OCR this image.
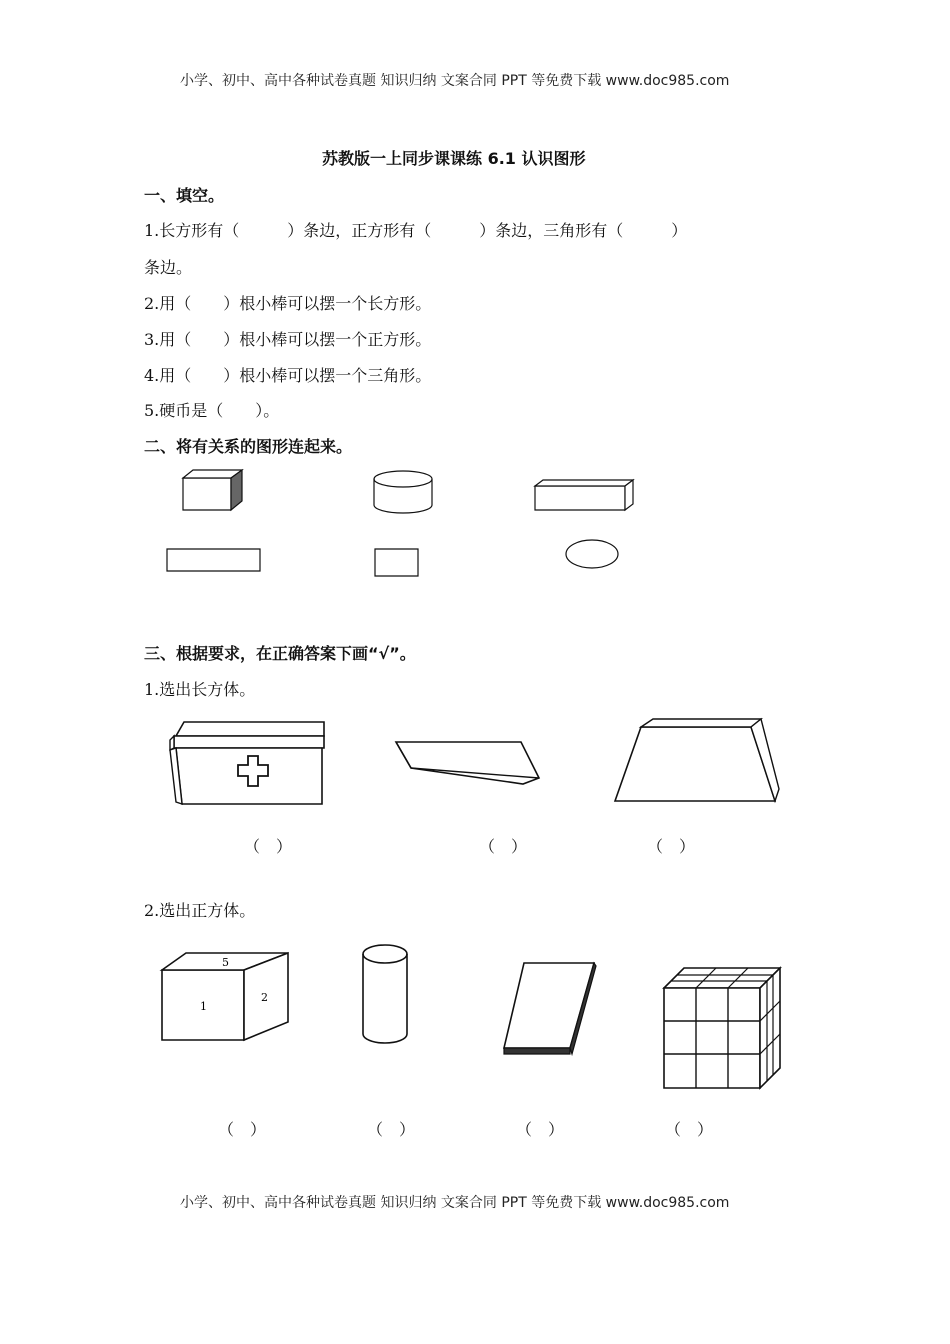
小学、初中、高中各种试卷真题 知识归纳 文案合同 PPT 等免费下载 www.doc985.com
苏教版一上同步课课练 6.1 认识图形
一、填空。
1.长方形有（　　　）条边，正方形有（　　　）条边，三角形有（　　　）
条边。
2.用（　　）根小棒可以摆一个长方形。
3.用（　　）根小棒可以摆一个正方形。
4.用（　　）根小棒可以摆一个三角形。
5.硬币是（　　）。
二、将有关系的图形连起来。
三、根据要求，在正确答案下画“√”。
1.选出长方体。
（　）	（　）	（　）
2.选出正方体。
5
1
2
（　）	（　）	（　）	（　）
小学、初中、高中各种试卷真题 知识归纳 文案合同 PPT 等免费下载 www.doc985.com
